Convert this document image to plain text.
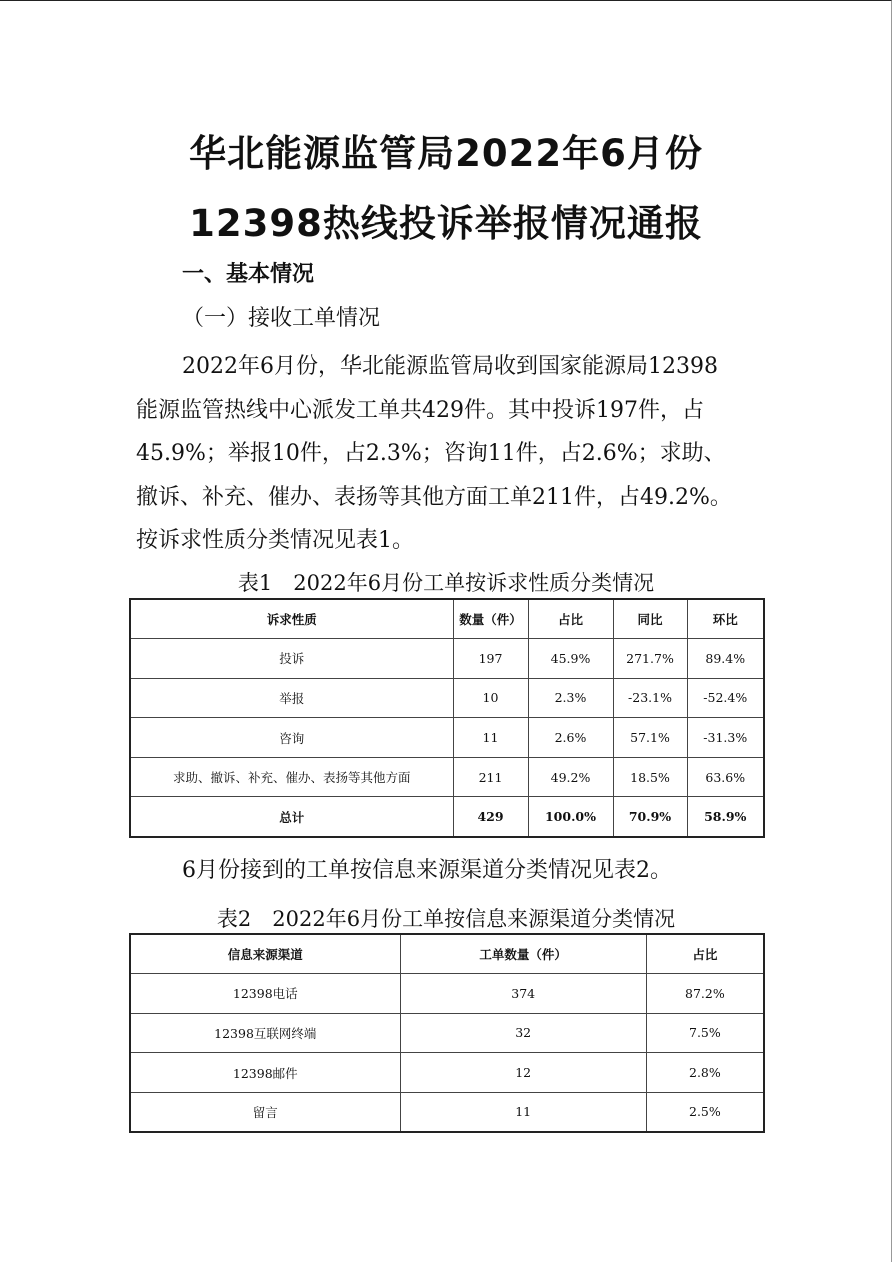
华北能源监管局2022年6月份
12398热线投诉举报情况通报
一、基本情况
（一）接收工单情况
2022年6月份，华北能源监管局收到国家能源局12398
能源监管热线中心派发工单共429件。其中投诉197件，占
45.9%；举报10件，占2.3%；咨询11件，占2.6%；求助、
撤诉、补充、催办、表扬等其他方面工单211件，占49.2%。
按诉求性质分类情况见表1。
表1　2022年6月份工单按诉求性质分类情况
诉求性质	数量（件）	占比	同比	环比
投诉	197	45.9%	271.7%	89.4%
举报	10	2.3%	-23.1%	-52.4%
咨询	11	2.6%	57.1%	-31.3%
求助、撤诉、补充、催办、表扬等其他方面	211	49.2%	18.5%	63.6%
总计	429	100.0%	70.9%	58.9%
6月份接到的工单按信息来源渠道分类情况见表2。
表2　2022年6月份工单按信息来源渠道分类情况
信息来源渠道	工单数量（件）	占比
12398电话	374	87.2%
12398互联网终端	32	7.5%
12398邮件	12	2.8%
留言	11	2.5%
